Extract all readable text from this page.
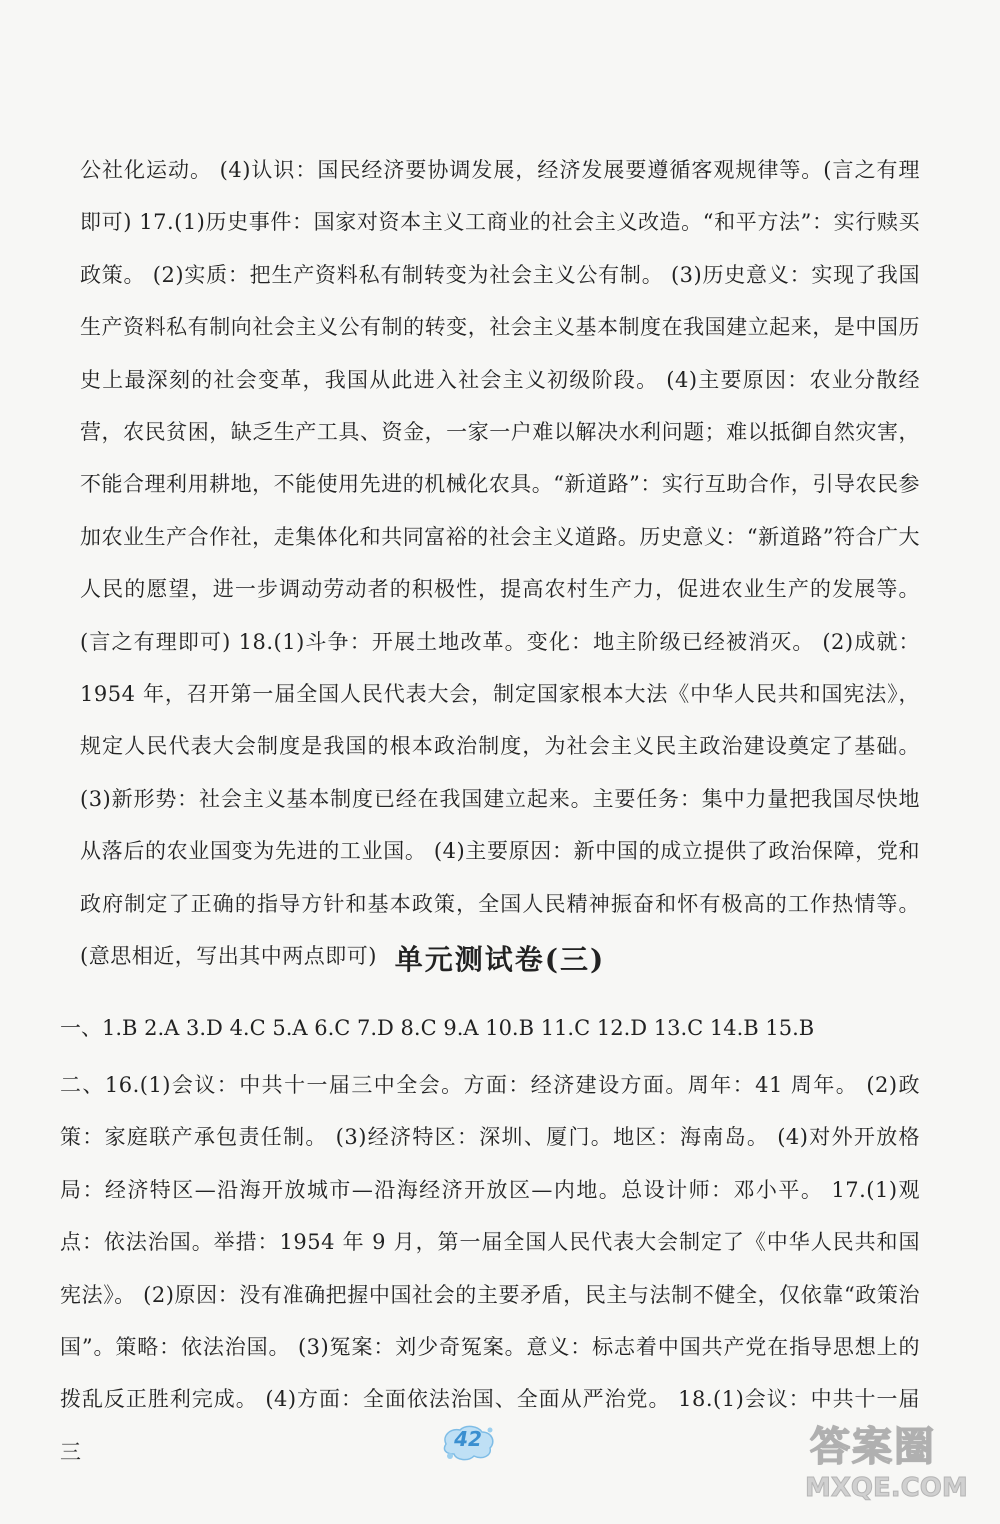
公社化运动。 (4)认识：国民经济要协调发展，经济发展要遵循客观规律等。(言之有理即可) 17.(1)历史事件：国家对资本主义工商业的社会主义改造。“和平方法”：实行赎买政策。 (2)实质：把生产资料私有制转变为社会主义公有制。 (3)历史意义：实现了我国生产资料私有制向社会主义公有制的转变，社会主义基本制度在我国建立起来，是中国历史上最深刻的社会变革，我国从此进入社会主义初级阶段。 (4)主要原因：农业分散经营，农民贫困，缺乏生产工具、资金，一家一户难以解决水利问题；难以抵御自然灾害，不能合理利用耕地，不能使用先进的机械化农具。“新道路”：实行互助合作，引导农民参加农业生产合作社，走集体化和共同富裕的社会主义道路。历史意义：“新道路”符合广大人民的愿望，进一步调动劳动者的积极性，提高农村生产力，促进农业生产的发展等。(言之有理即可) 18.(1)斗争：开展土地改革。变化：地主阶级已经被消灭。 (2)成就：1954 年，召开第一届全国人民代表大会，制定国家根本大法《中华人民共和国宪法》，规定人民代表大会制度是我国的根本政治制度，为社会主义民主政治建设奠定了基础。 (3)新形势：社会主义基本制度已经在我国建立起来。主要任务：集中力量把我国尽快地从落后的农业国变为先进的工业国。 (4)主要原因：新中国的成立提供了政治保障，党和政府制定了正确的指导方针和基本政策，全国人民精神振奋和怀有极高的工作热情等。(意思相近，写出其中两点即可) 单元测试卷(三)

一、1.B 2.A 3.D 4.C 5.A 6.C 7.D 8.C 9.A 10.B 11.C 12.D 13.C 14.B 15.B

二、16.(1)会议：中共十一届三中全会。方面：经济建设方面。周年：41 周年。 (2)政策：家庭联产承包责任制。 (3)经济特区：深圳、厦门。地区：海南岛。 (4)对外开放格局：经济特区—沿海开放城市—沿海经济开放区—内地。总设计师：邓小平。 17.(1)观点：依法治国。举措：1954 年 9 月，第一届全国人民代表大会制定了《中华人民共和国宪法》。 (2)原因：没有准确把握中国社会的主要矛盾，民主与法制不健全，仅依靠“政策治国”。策略：依法治国。 (3)冤案：刘少奇冤案。意义：标志着中国共产党在指导思想上的拨乱反正胜利完成。 (4)方面：全面依法治国、全面从严治党。 18.(1)会议：中共十一届三

42	答案圈
MXQE.COM
